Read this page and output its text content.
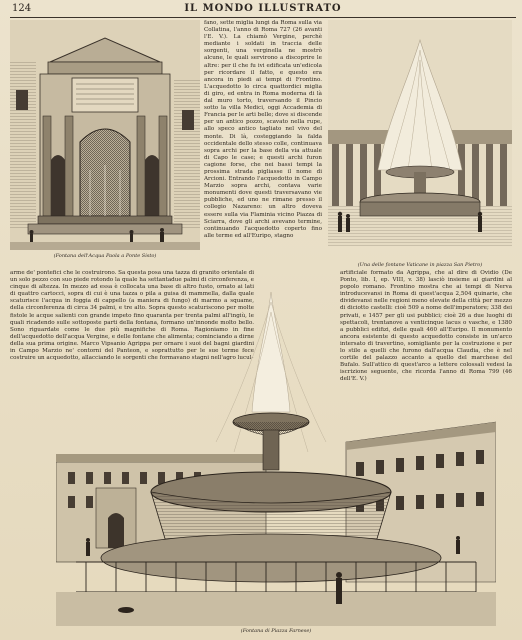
124	IL MONDO ILLUSTRATO
(Fontana dell'Acqua Paola a Ponte Sisto)
fano, sette miglia lungi da Roma sulla via Collatina, l'anno di Roma 727 (26 avanti l'E. V.). La chiamò Vergine, perchè mediante i soldati in traccia delle sorgenti, una verginella ne mostrò alcune, le quali servirono a discoprire le altre: per il che fu ivi edificata un'edicola per ricordare il fatto, e questo era ancora in piedi ai tempi di Frontino. L'acquedotto lo circa quattordici miglia di giro, ed entra in Roma moderna di là dal muro torto, traversando il Pincio sotto la villa Medici, oggi Accademia di Francia per le arti belle; dove si discende per un antico pozzo, scavato nella rupe, allo speco antico tagliato nel vivo del monte. Di là, costeggiando la falda occidentale dello stesso colle, continuava sopra archi per la base della via attuale di Capo le case; e questi archi furon cagione forse, che nei bassi tempi la prossima strada pigliasse il nome di Arcioni. Entrando l'acquedotto in Campo Marzio sopra archi, contava varie monumenti dove questi traversavano vie pubbliche, ed uno ne rimane presso il collegio Nazareno: un altro doveva essere sulla via Flaminia vicino Piazza di Sciarra, dove gli archi avevano termine, continuando l'acquedotto coperto fino alle terme ed all'Euripo, stagno
(Una delle fontane Vaticane in piazza San Pietro)
arme de' pontefici che le costruirono. Sa questa posa una tazza di granito orientale di un solo pezzo con suo piede rotondo la quale ha settantadue palmi di circonferenza, e cinque di altezza. In mezzo ad essa è collocata una base di altro fusto, ornato ai lati di quattro cartocci, sopra di cui è una tazza o pila a guisa di mammella, dalla quale scaturisce l'acqua in foggia di cappello (a maniera di fungo) di marmo a squame, della circonferenza di circa 34 palmi, e tre alto. Sopra questo scaturiscono per molte fistole le acque salienti con grande impeto fino quaranta per trenta palmi all'ingiù, le quali ricadendo sulle sottoposte parti della fontana, formano un'innonde molto bello. Sono riguardate come le due più magnifiche di Roma. Ragioniamo in fine dell'acquedotto dell'acqua Vergine, e delle fontane che alimenta; cominciando a dirne della sua prima origine. Marco Vipsanio Agrippa per ornare i suoi del bagni giardini in Campo Marzio ne' contorni del Panteon, e soprattutto per le sue terme fece costruire un acquedotto, allacciando le sorgenti che formavano stagni nell'agro lucul-
artificiale formato da Agrippa, che al dire di Ovidio (De Ponto, lib. I, ep. VIII, v. 38) lasciò insieme ai giardini al popolo romano. Frontino mostra che ai tempi di Nerva introducevansi in Roma di quest'acqua 2,504 quinarie, che dividevansi nelle regioni meno elevate della città per mezzo di diciotto castelli: cioè 509 a nome dell'imperatore; 338 dei privati, e 1457 per gli usi pubblici; cioè 26 a due luoghi di spettacoli, trentanove a venticinque lacus o vasche, e 1380 a pubblici edifizi, delle quali 460 all'Euripo. Il monumento ancora esistente di questo acquedotto consiste in un'arco intersato di travertino, somigliante per la costruzione e per lo stile a quelli che furono dall'acqua Claudia, che è nel cortile del palazzo accanto a quello del marchese del Bufalo. Sull'attico di quest'arco a lettere colossali vedesi la iscrizione seguente, che ricorda l'anno di Roma 799 (46 dell'E. V.)
(Fontana di Piazza Farnese)
